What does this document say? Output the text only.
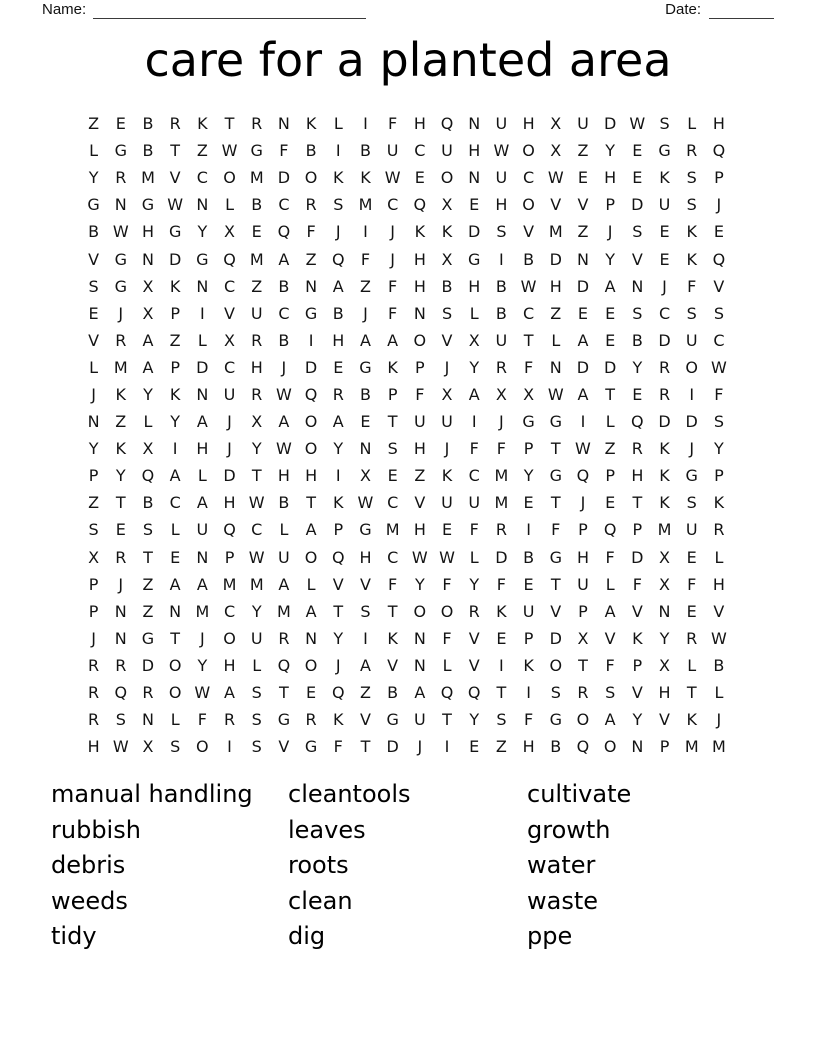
Name:	Date:
care for a planted area
Z	E	B	R	K	T	R N K	L	I	F	H Q N U H X U D W S	L	H
L	G B	T	Z W G	F	B	I	B U C U H W O X	Z	Y	E G R Q
Y	R M V	C O M D O K	K W E O N U C W E	H	E	K	S	P
G N G W N	L	B	C	R	S M C Q X	E	H O V	V	P	D U	S	J
B W H G	Y	X	E Q	F	J	I	J	K	K D S	V M Z	J	S	E	K	E
V G N D G Q M A	Z Q	F	J	H X G	I	B D N	Y	V	E	K Q
S G X	K N C	Z	B N A	Z	F	H B H B W H D A N	J	F	V
E	J	X	P	I	V U C G B	J	F	N	S	L	B	C	Z	E	E	S	C	S	S
V	R	A	Z	L	X	R	B	I	H A	A O V	X U	T	L	A	E	B D U C
L M A	P	D C H	J	D E G K	P	J	Y	R	F	N D D	Y	R O W
J	K	Y	K N U R W Q R	B	P	F	X	A	X	X W A	T	E	R	I	F
N Z	L	Y	A	J	X	A O A	E	T	U U	I	J	G G	I	L	Q D D S
Y	K	X	I	H	J	Y W O	Y	N	S	H	J	F	F	P	T W Z	R	K	J	Y
P	Y	Q A	L	D	T	H H	I	X	E	Z	K	C M Y	G Q	P	H K G	P
Z	T	B	C	A H W B	T	K W C	V U U M E	T	J	E	T	K	S	K
S	E	S	L	U Q C	L	A	P	G M H	E	F	R	I	F	P	Q	P M U R
X	R	T	E	N	P W U O Q H C W W L	D B G H	F	D X	E	L
P	J	Z	A	A M M A	L	V	V	F	Y	F	Y	F	E	T	U	L	F	X	F	H
P	N Z N M C	Y M A	T	S	T	O O R	K	U V	P	A	V N	E	V
J	N G	T	J	O U R N	Y	I	K N	F	V	E	P	D X	V	K	Y	R W
R	R D O	Y	H	L	Q O	J	A	V N	L	V	I	K O	T	F	P	X	L	B
R Q R O W A	S	T	E Q Z	B	A Q Q	T	I	S	R	S	V H	T	L
R	S	N	L	F	R	S G R	K	V G U	T	Y	S	F	G O A	Y	V	K	J
H W X	S O	I	S	V G	F	T	D	J	I	E	Z H B Q O N	P M M
manual handling
rubbish
debris
weeds
tidy
cleantools
leaves
roots
clean
dig
cultivate
growth
water
waste
ppe
